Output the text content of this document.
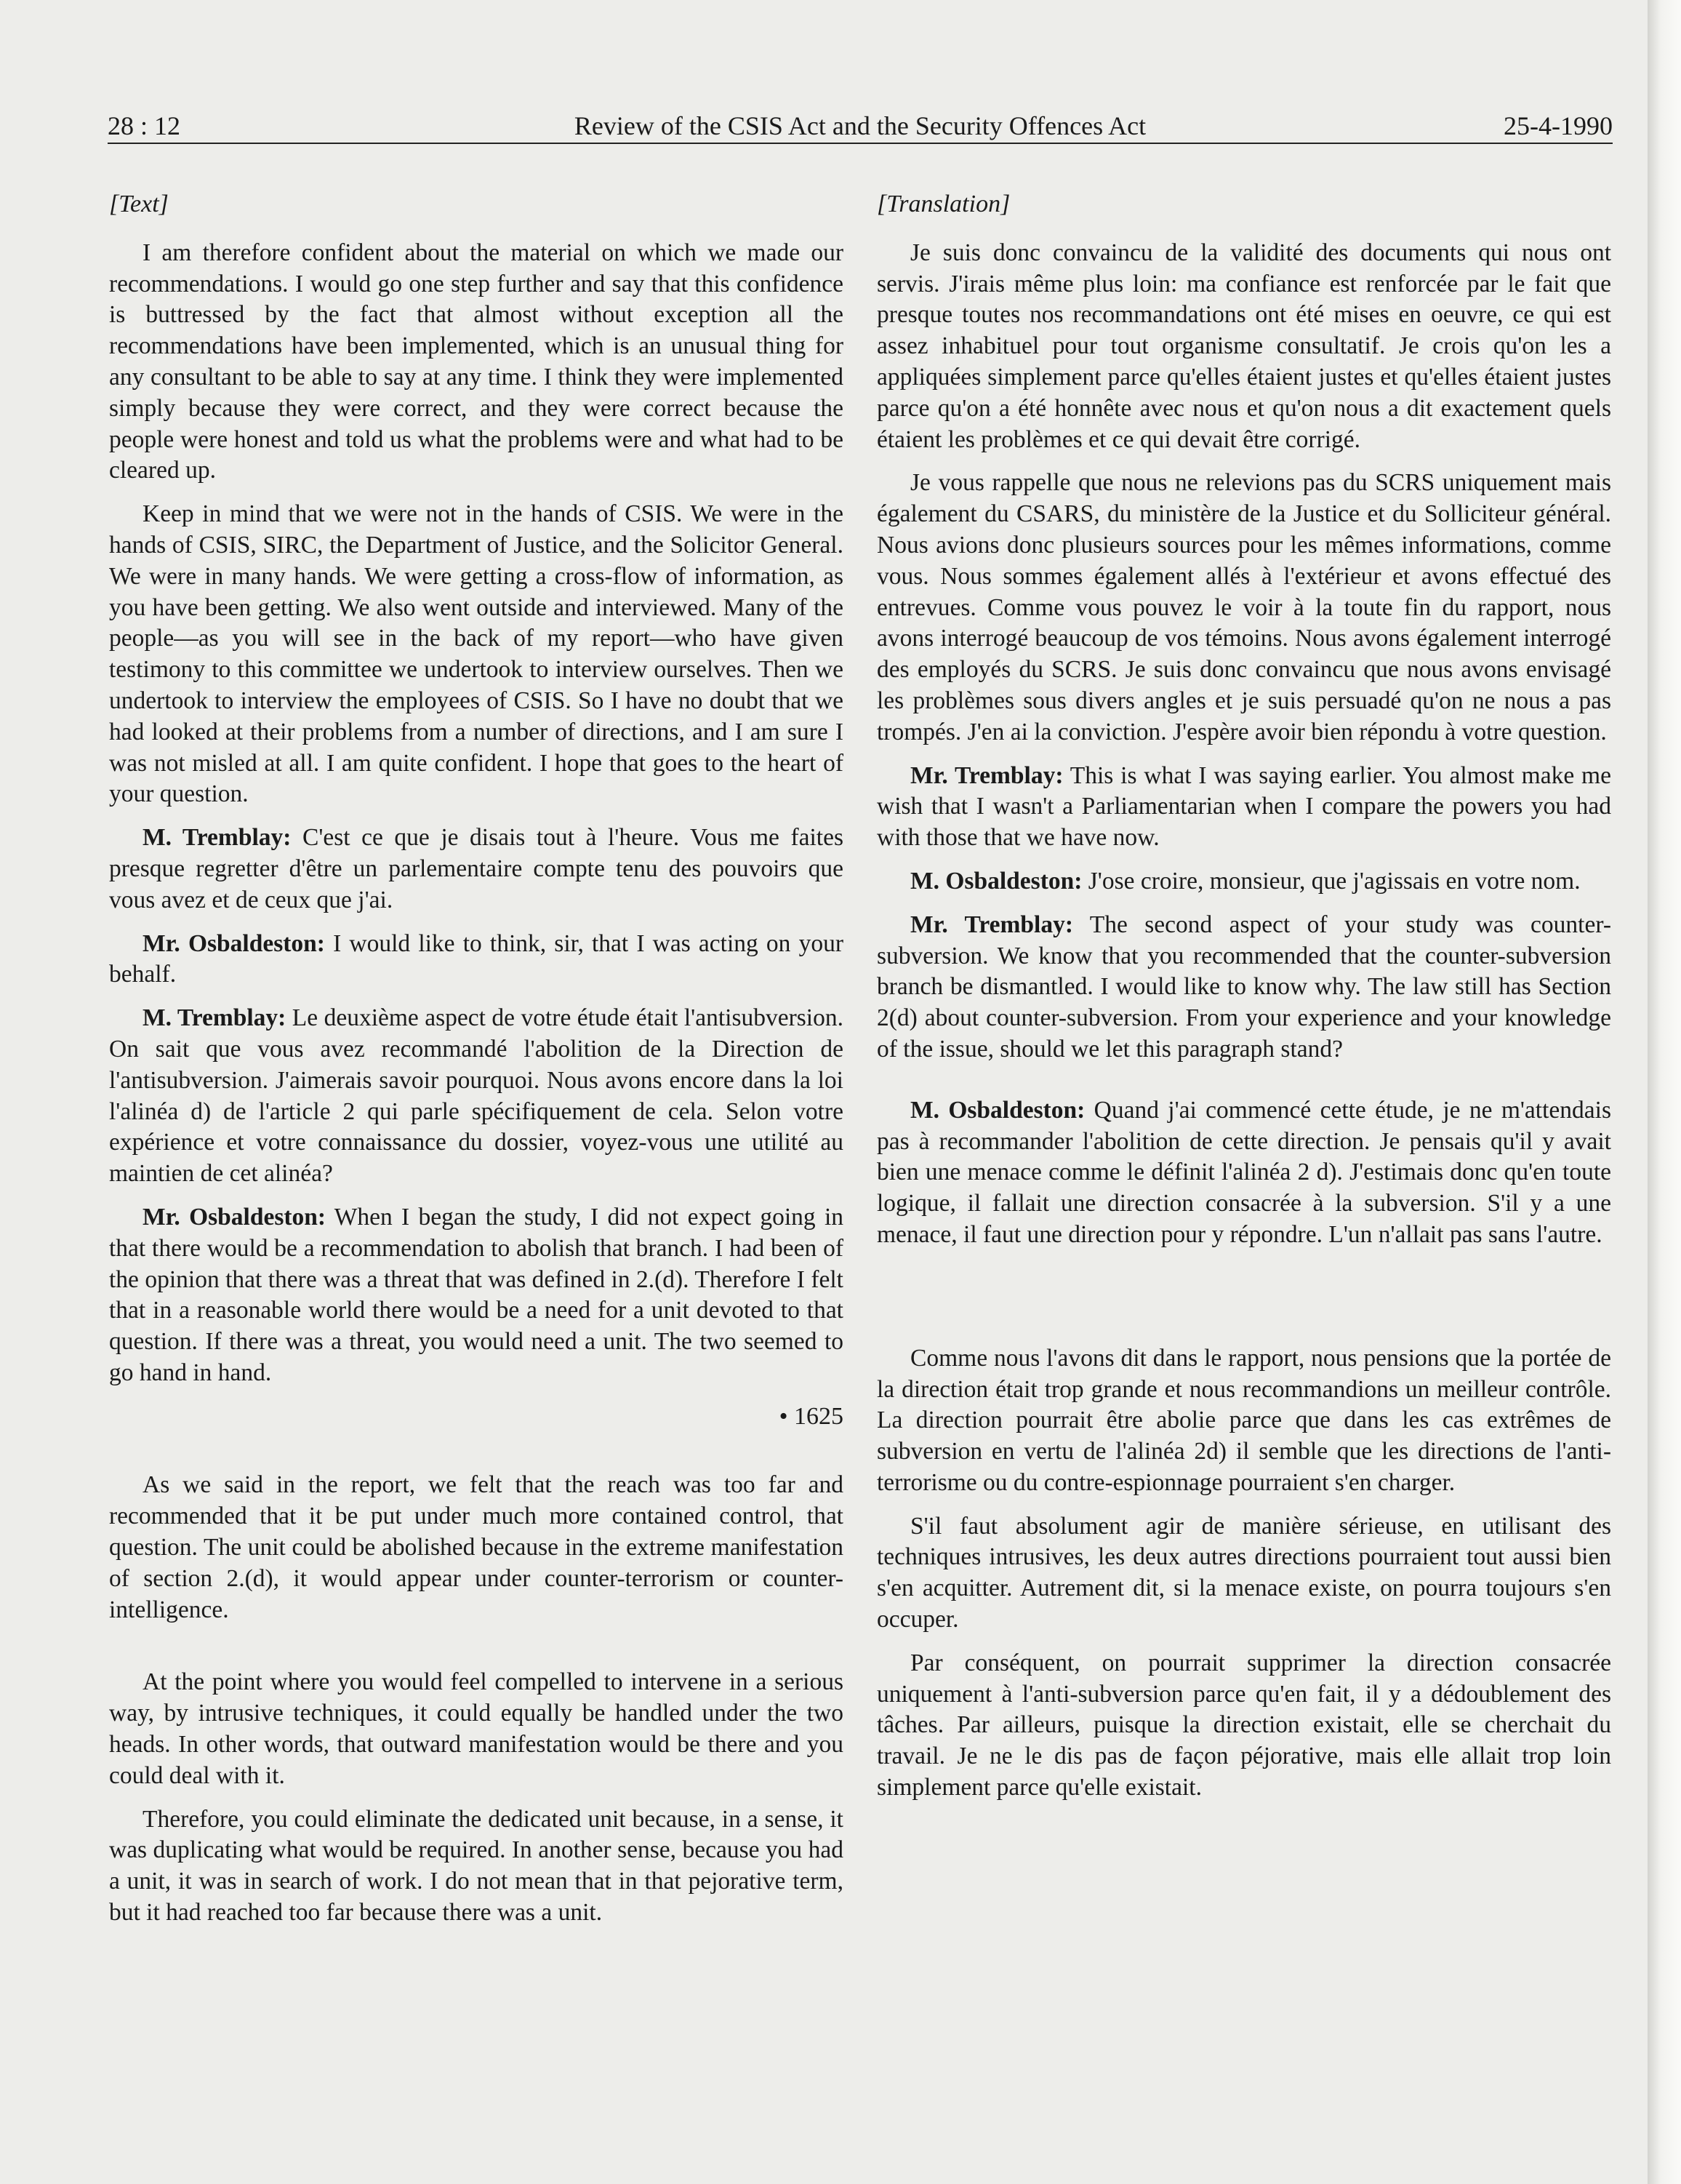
28 : 12	Review of the CSIS Act and the Security Offences Act	25-4-1990
[Text]

I am therefore confident about the material on which we made our recommendations. I would go one step further and say that this confidence is buttressed by the fact that almost without exception all the recommendations have been implemented, which is an unusual thing for any consultant to be able to say at any time. I think they were implemented simply because they were correct, and they were correct because the people were honest and told us what the problems were and what had to be cleared up.

Keep in mind that we were not in the hands of CSIS. We were in the hands of CSIS, SIRC, the Department of Justice, and the Solicitor General. We were in many hands. We were getting a cross-flow of information, as you have been getting. We also went outside and interviewed. Many of the people—as you will see in the back of my report—who have given testimony to this committee we undertook to interview ourselves. Then we undertook to interview the employees of CSIS. So I have no doubt that we had looked at their problems from a number of directions, and I am sure I was not misled at all. I am quite confident. I hope that goes to the heart of your question.

M. Tremblay: C'est ce que je disais tout à l'heure. Vous me faites presque regretter d'être un parlementaire compte tenu des pouvoirs que vous avez et de ceux que j'ai.

Mr. Osbaldeston: I would like to think, sir, that I was acting on your behalf.

M. Tremblay: Le deuxième aspect de votre étude était l'antisubversion. On sait que vous avez recommandé l'abolition de la Direction de l'antisubversion. J'aimerais savoir pourquoi. Nous avons encore dans la loi l'alinéa d) de l'article 2 qui parle spécifiquement de cela. Selon votre expérience et votre connaissance du dossier, voyez-vous une utilité au maintien de cet alinéa?

Mr. Osbaldeston: When I began the study, I did not expect going in that there would be a recommendation to abolish that branch. I had been of the opinion that there was a threat that was defined in 2.(d). Therefore I felt that in a reasonable world there would be a need for a unit devoted to that question. If there was a threat, you would need a unit. The two seemed to go hand in hand.

• 1625

As we said in the report, we felt that the reach was too far and recommended that it be put under much more contained control, that question. The unit could be abolished because in the extreme manifestation of section 2.(d), it would appear under counter-terrorism or counter-intelligence.

At the point where you would feel compelled to intervene in a serious way, by intrusive techniques, it could equally be handled under the two heads. In other words, that outward manifestation would be there and you could deal with it.

Therefore, you could eliminate the dedicated unit because, in a sense, it was duplicating what would be required. In another sense, because you had a unit, it was in search of work. I do not mean that in that pejorative term, but it had reached too far because there was a unit.

[Translation]

Je suis donc convaincu de la validité des documents qui nous ont servis. J'irais même plus loin: ma confiance est renforcée par le fait que presque toutes nos recommandations ont été mises en oeuvre, ce qui est assez inhabituel pour tout organisme consultatif. Je crois qu'on les a appliquées simplement parce qu'elles étaient justes et qu'elles étaient justes parce qu'on a été honnête avec nous et qu'on nous a dit exactement quels étaient les problèmes et ce qui devait être corrigé.

Je vous rappelle que nous ne relevions pas du SCRS uniquement mais également du CSARS, du ministère de la Justice et du Solliciteur général. Nous avions donc plusieurs sources pour les mêmes informations, comme vous. Nous sommes également allés à l'extérieur et avons effectué des entrevues. Comme vous pouvez le voir à la toute fin du rapport, nous avons interrogé beaucoup de vos témoins. Nous avons également interrogé des employés du SCRS. Je suis donc convaincu que nous avons envisagé les problèmes sous divers angles et je suis persuadé qu'on ne nous a pas trompés. J'en ai la conviction. J'espère avoir bien répondu à votre question.

Mr. Tremblay: This is what I was saying earlier. You almost make me wish that I wasn't a Parliamentarian when I compare the powers you had with those that we have now.

M. Osbaldeston: J'ose croire, monsieur, que j'agissais en votre nom.

Mr. Tremblay: The second aspect of your study was counter-subversion. We know that you recommended that the counter-subversion branch be dismantled. I would like to know why. The law still has Section 2(d) about counter-subversion. From your experience and your knowledge of the issue, should we let this paragraph stand?

M. Osbaldeston: Quand j'ai commencé cette étude, je ne m'attendais pas à recommander l'abolition de cette direction. Je pensais qu'il y avait bien une menace comme le définit l'alinéa 2 d). J'estimais donc qu'en toute logique, il fallait une direction consacrée à la subversion. S'il y a une menace, il faut une direction pour y répondre. L'un n'allait pas sans l'autre.

Comme nous l'avons dit dans le rapport, nous pensions que la portée de la direction était trop grande et nous recommandions un meilleur contrôle. La direction pourrait être abolie parce que dans les cas extrêmes de subversion en vertu de l'alinéa 2d) il semble que les directions de l'anti-terrorisme ou du contre-espionnage pourraient s'en charger.

S'il faut absolument agir de manière sérieuse, en utilisant des techniques intrusives, les deux autres directions pourraient tout aussi bien s'en acquitter. Autrement dit, si la menace existe, on pourra toujours s'en occuper.

Par conséquent, on pourrait supprimer la direction consacrée uniquement à l'anti-subversion parce qu'en fait, il y a dédoublement des tâches. Par ailleurs, puisque la direction existait, elle se cherchait du travail. Je ne le dis pas de façon péjorative, mais elle allait trop loin simplement parce qu'elle existait.
